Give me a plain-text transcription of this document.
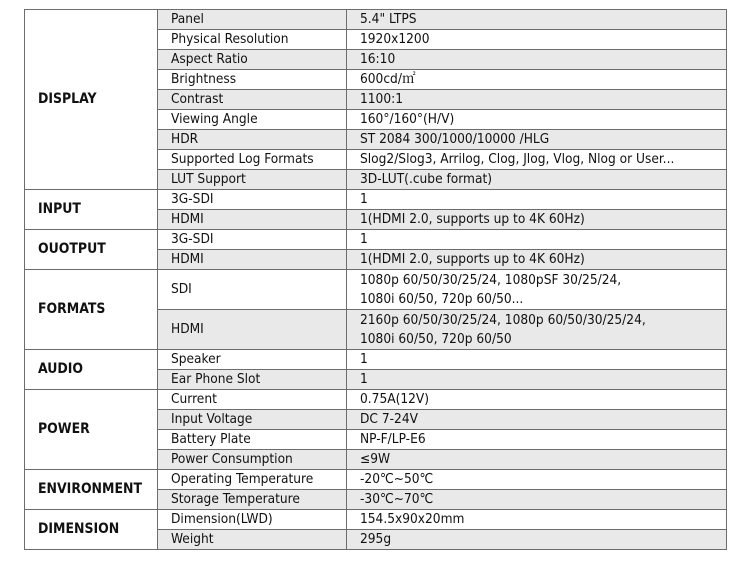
DISPLAY	Panel	5.4" LTPS
	Physical Resolution	1920x1200
	Aspect Ratio	16:10
	Brightness	600cd/㎡
	Contrast	1100:1
	Viewing Angle	160°/160°(H/V)
	HDR	ST 2084 300/1000/10000 /HLG
	Supported Log Formats	Slog2/Slog3, Arrilog, Clog, Jlog, Vlog, Nlog or User...
	LUT Support	3D-LUT(.cube format)
INPUT	3G-SDI	1
	HDMI	1(HDMI 2.0, supports up to 4K 60Hz)
OUOTPUT	3G-SDI	1
	HDMI	1(HDMI 2.0, supports up to 4K 60Hz)
FORMATS	SDI	1080p 60/50/30/25/24, 1080pSF 30/25/24,
1080i 60/50, 720p 60/50...

	HDMI	2160p 60/50/30/25/24, 1080p 60/50/30/25/24,
1080i 60/50, 720p 60/50

AUDIO	Speaker	1
	Ear Phone Slot	1
POWER	Current	0.75A(12V)
	Input Voltage	DC 7-24V
	Battery Plate	NP-F/LP-E6
	Power Consumption	≤9W
ENVIRONMENT	Operating Temperature	-20℃~50℃
	Storage Temperature	-30℃~70℃
DIMENSION	Dimension(LWD)	154.5x90x20mm
	Weight	295g
